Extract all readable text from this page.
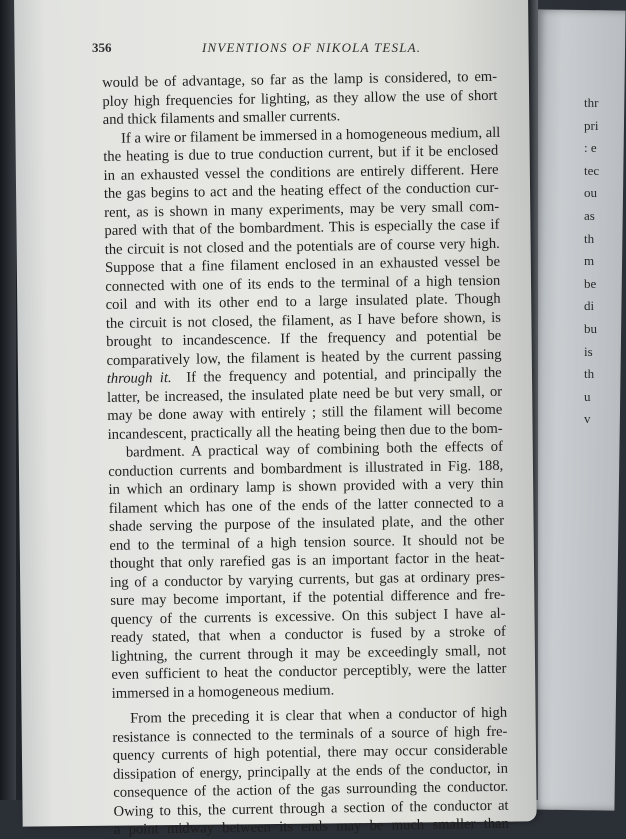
thr
pri
: e
tec
ou
as
th
m
be
di
bu
is
th
u
v
356	INVENTIONS OF NIKOLA TESLA.
would be of advantage, so far as the lamp is considered, to em-
ploy high frequencies for lighting, as they allow the use of short
and thick filaments and smaller currents.
If a wire or filament be immersed in a homogeneous medium, all
the heating is due to true conduction current, but if it be enclosed
in an exhausted vessel the conditions are entirely different. Here
the gas begins to act and the heating effect of the conduction cur-
rent, as is shown in many experiments, may be very small com-
pared with that of the bombardment. This is especially the case if
the circuit is not closed and the potentials are of course very high.
Suppose that a fine filament enclosed in an exhausted vessel be
connected with one of its ends to the terminal of a high tension
coil and with its other end to a large insulated plate. Though
the circuit is not closed, the filament, as I have before shown, is
brought to incandescence. If the frequency and potential be
comparatively low, the filament is heated by the current passing
through it. If the frequency and potential, and principally the
latter, be increased, the insulated plate need be but very small, or
may be done away with entirely ; still the filament will become
incandescent, practically all the heating being then due to the bom-
bardment. A practical way of combining both the effects of
conduction currents and bombardment is illustrated in Fig. 188,
in which an ordinary lamp is shown provided with a very thin
filament which has one of the ends of the latter connected to a
shade serving the purpose of the insulated plate, and the other
end to the terminal of a high tension source. It should not be
thought that only rarefied gas is an important factor in the heat-
ing of a conductor by varying currents, but gas at ordinary pres-
sure may become important, if the potential difference and fre-
quency of the currents is excessive. On this subject I have al-
ready stated, that when a conductor is fused by a stroke of
lightning, the current through it may be exceedingly small, not
even sufficient to heat the conductor perceptibly, were the latter
immersed in a homogeneous medium.
From the preceding it is clear that when a conductor of high
resistance is connected to the terminals of a source of high fre-
quency currents of high potential, there may occur considerable
dissipation of energy, principally at the ends of the conductor, in
consequence of the action of the gas surrounding the conductor.
Owing to this, the current through a section of the conductor at
a point midway between its ends may be much smaller than
